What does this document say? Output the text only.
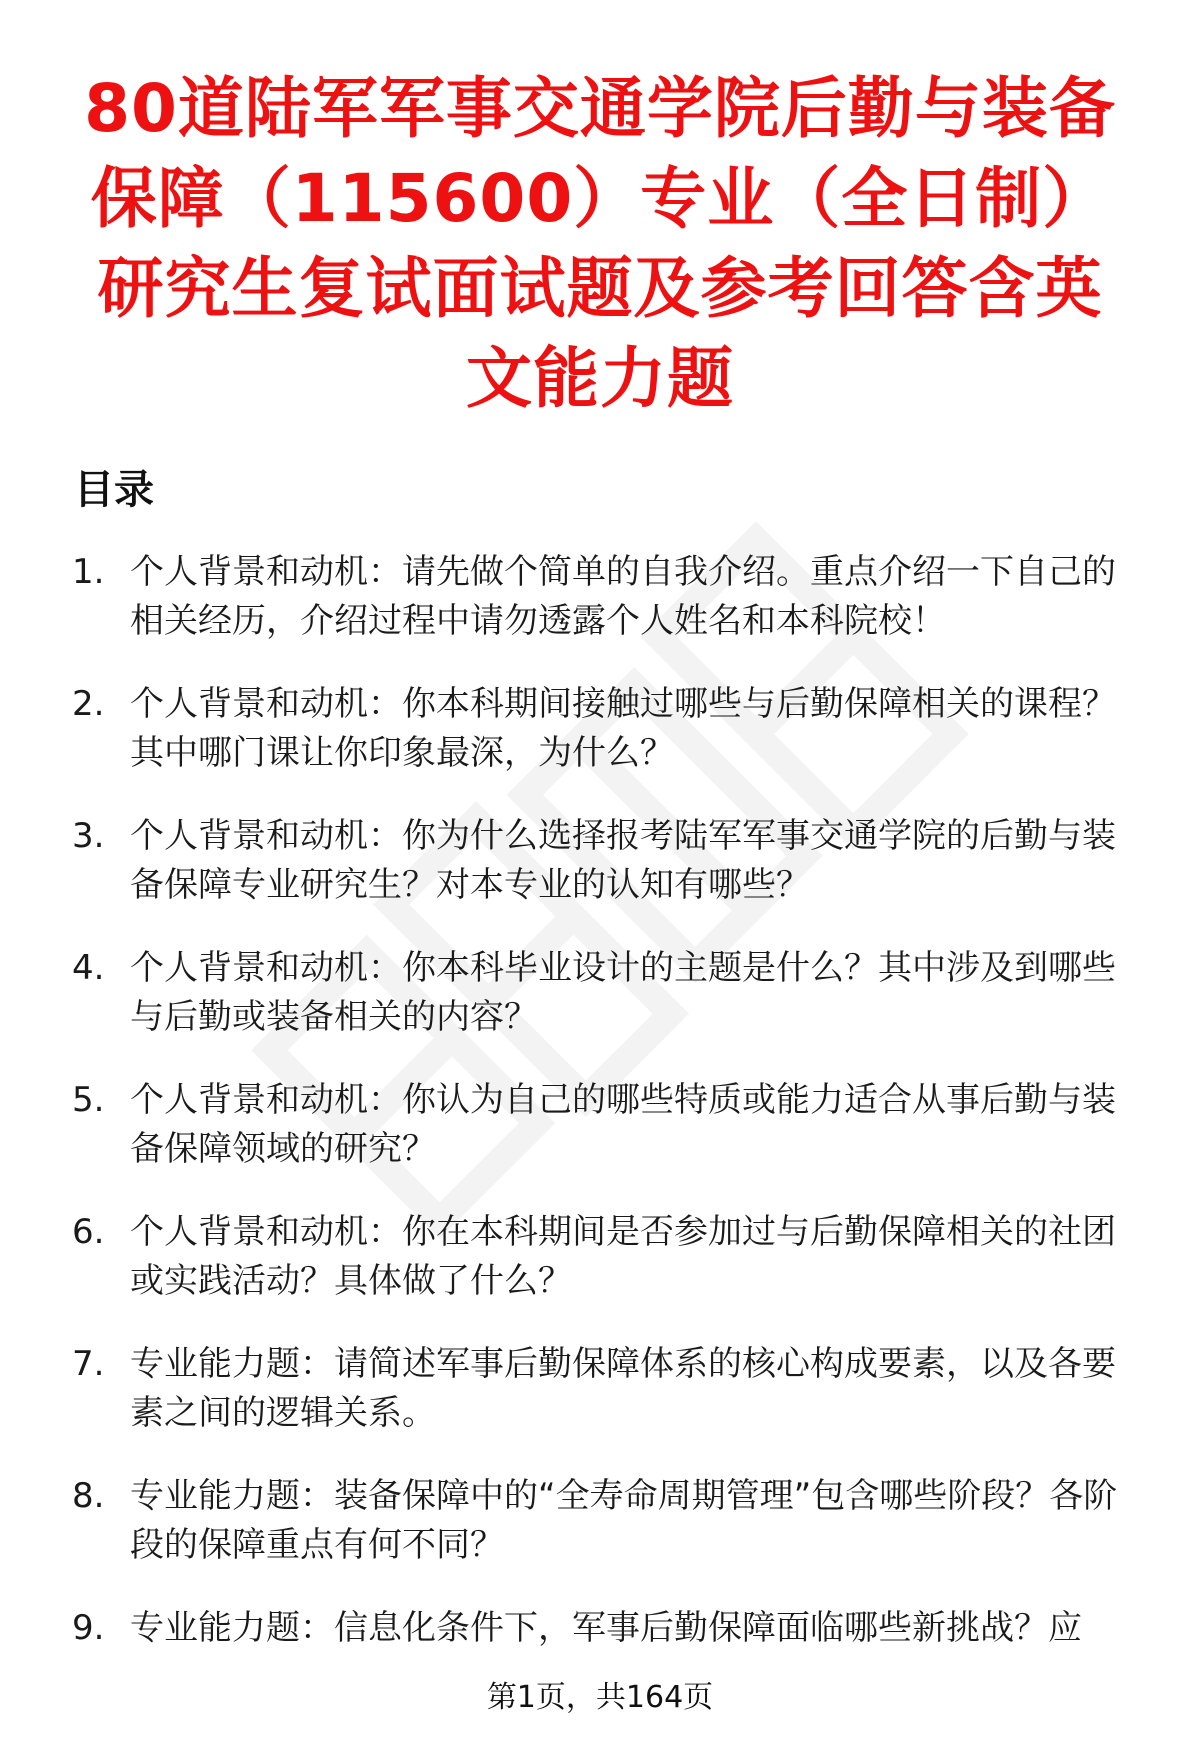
80道陆军军事交通学院后勤与装备保障（115600）专业（全日制）研究生复试面试题及参考回答含英文能力题
目录
1. 个人背景和动机：请先做个简单的自我介绍。重点介绍一下自己的相关经历，介绍过程中请勿透露个人姓名和本科院校！
2. 个人背景和动机：你本科期间接触过哪些与后勤保障相关的课程？其中哪门课让你印象最深，为什么？
3. 个人背景和动机：你为什么选择报考陆军军事交通学院的后勤与装备保障专业研究生？对本专业的认知有哪些？
4. 个人背景和动机：你本科毕业设计的主题是什么？其中涉及到哪些与后勤或装备相关的内容？
5. 个人背景和动机：你认为自己的哪些特质或能力适合从事后勤与装备保障领域的研究？
6. 个人背景和动机：你在本科期间是否参加过与后勤保障相关的社团或实践活动？具体做了什么？
7. 专业能力题：请简述军事后勤保障体系的核心构成要素，以及各要素之间的逻辑关系。
8. 专业能力题：装备保障中的“全寿命周期管理”包含哪些阶段？各阶段的保障重点有何不同？
9. 专业能力题：信息化条件下，军事后勤保障面临哪些新挑战？应
第1页，共164页
